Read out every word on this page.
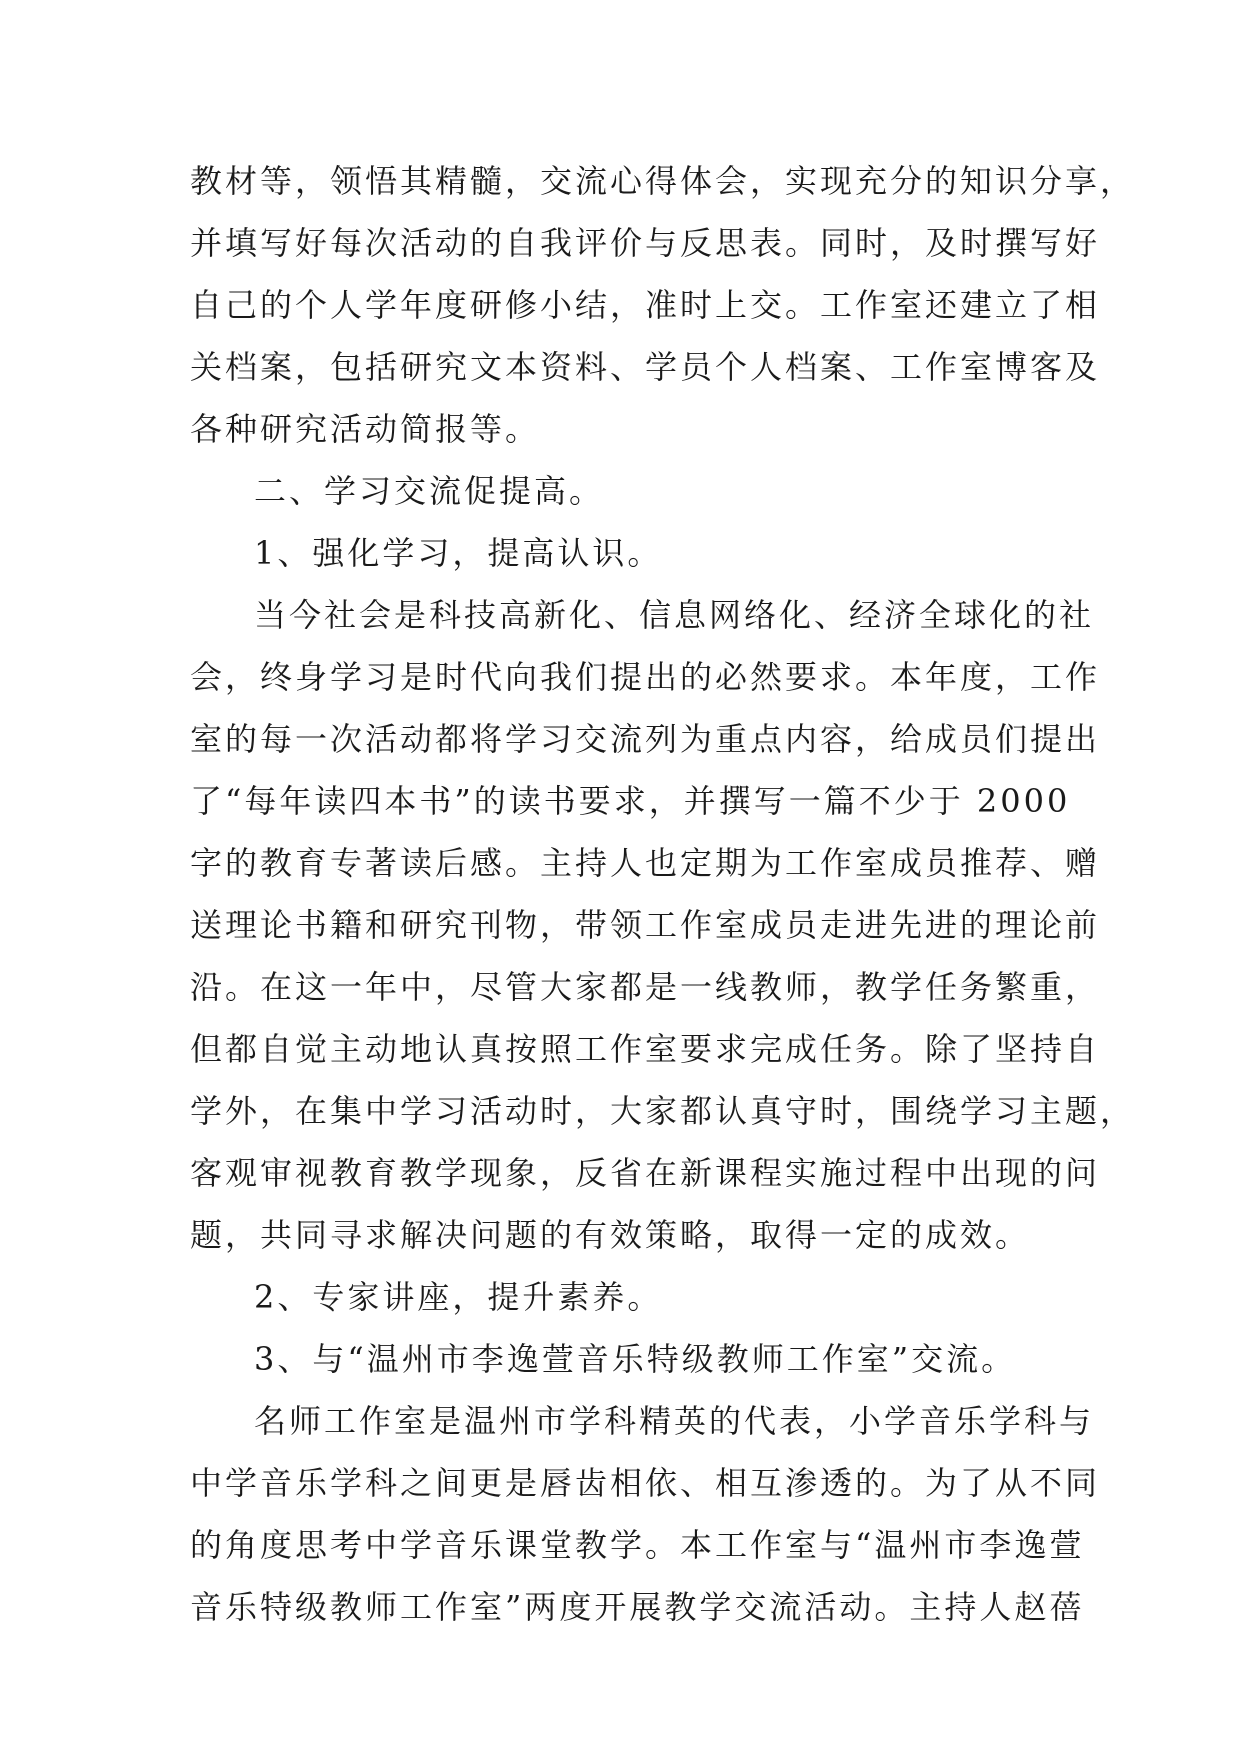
教材等，领悟其精髓，交流心得体会，实现充分的知识分享，
并填写好每次活动的自我评价与反思表。同时，及时撰写好
自己的个人学年度研修小结，准时上交。工作室还建立了相
关档案，包括研究文本资料、学员个人档案、工作室博客及
各种研究活动简报等。
二、学习交流促提高。
1、强化学习，提高认识。
当今社会是科技高新化、信息网络化、经济全球化的社
会，终身学习是时代向我们提出的必然要求。本年度，工作
室的每一次活动都将学习交流列为重点内容，给成员们提出
了“每年读四本书”的读书要求，并撰写一篇不少于 2000
字的教育专著读后感。主持人也定期为工作室成员推荐、赠
送理论书籍和研究刊物，带领工作室成员走进先进的理论前
沿。在这一年中，尽管大家都是一线教师，教学任务繁重，
但都自觉主动地认真按照工作室要求完成任务。除了坚持自
学外，在集中学习活动时，大家都认真守时，围绕学习主题，
客观审视教育教学现象，反省在新课程实施过程中出现的问
题，共同寻求解决问题的有效策略，取得一定的成效。
2、专家讲座，提升素养。
3、与“温州市李逸萱音乐特级教师工作室”交流。
名师工作室是温州市学科精英的代表，小学音乐学科与
中学音乐学科之间更是唇齿相依、相互渗透的。为了从不同
的角度思考中学音乐课堂教学。本工作室与“温州市李逸萱
音乐特级教师工作室”两度开展教学交流活动。主持人赵蓓
